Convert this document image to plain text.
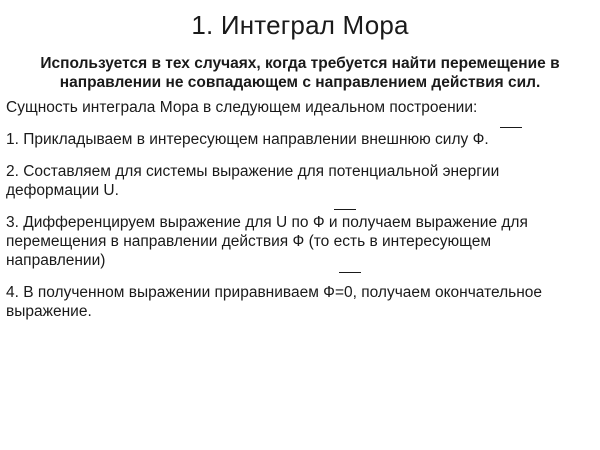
1. Интеграл Мора

Используется в тех случаях, когда требуется найти перемещение в направлении не совпадающем с направлением действия сил.

Сущность интеграла Мора в следующем идеальном построении:

1. Прикладываем в интересующем направлении внешнюю силу Ф.

2. Составляем для системы выражение для потенциальной энергии деформации U.

3. Дифференцируем выражение для U по Ф и получаем выражение для перемещения в направлении действия Ф (то есть в интересующем направлении)

4. В полученном выражении приравниваем Ф=0, получаем окончательное выражение.
